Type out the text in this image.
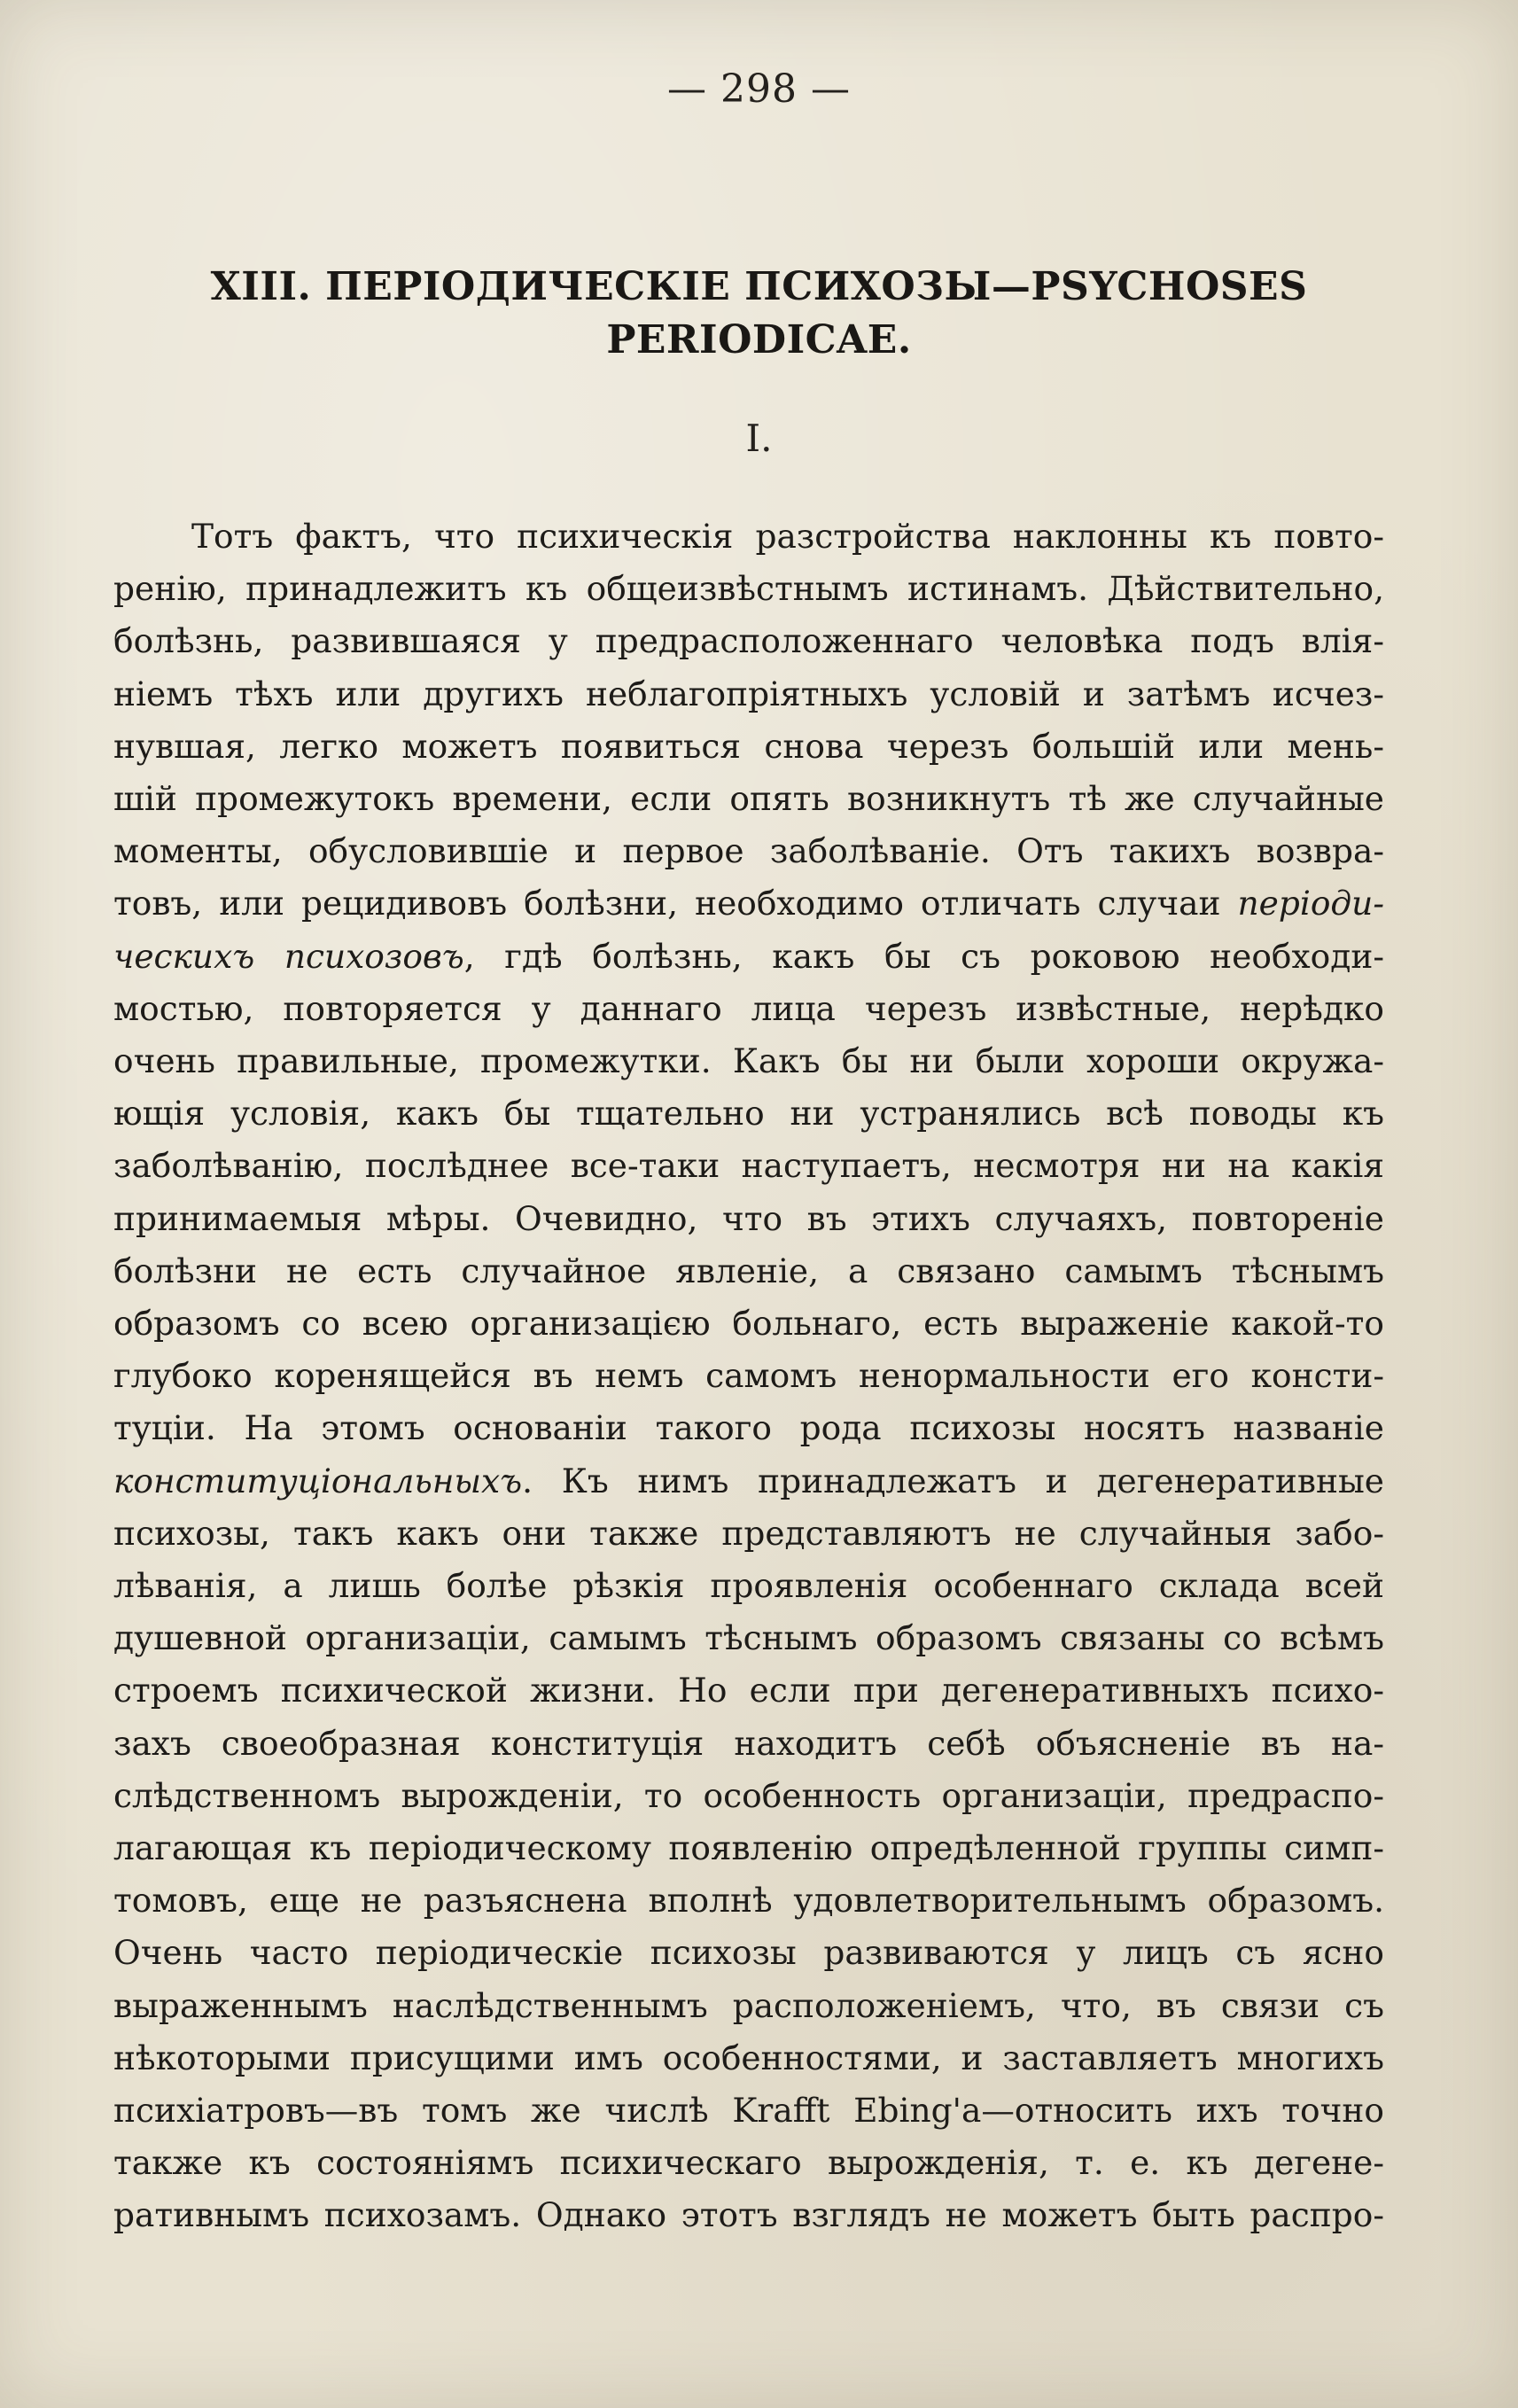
— 298 —
XIII. ПЕРІОДИЧЕСКІЕ ПСИХОЗЫ—PSYCHOSES
PERIODICAE.
I.
Тотъ фактъ, что психическія разстройства наклонны къ повто-
ренію, принадлежитъ къ общеизвѣстнымъ истинамъ. Дѣйствительно,
болѣзнь, развившаяся у предрасположеннаго человѣка подъ влія-
ніемъ тѣхъ или другихъ неблагопріятныхъ условій и затѣмъ исчез-
нувшая, легко можетъ появиться снова черезъ большій или мень-
шій промежутокъ времени, если опять возникнутъ тѣ же случайные
моменты, обусловившіе и первое заболѣваніе. Отъ такихъ возвра-
товъ, или рецидивовъ болѣзни, необходимо отличать случаи періоди-
ческихъ психозовъ, гдѣ болѣзнь, какъ бы съ роковою необходи-
мостью, повторяется у даннаго лица черезъ извѣстные, нерѣдко
очень правильные, промежутки. Какъ бы ни были хороши окружа-
ющія условія, какъ бы тщательно ни устранялись всѣ поводы къ
заболѣванію, послѣднее все-таки наступаетъ, несмотря ни на какія
принимаемыя мѣры. Очевидно, что въ этихъ случаяхъ, повтореніе
болѣзни не есть случайное явленіе, а связано самымъ тѣснымъ
образомъ со всею организацією больнаго, есть выраженіе какой-то
глубоко коренящейся въ немъ самомъ ненормальности его консти-
туціи. На этомъ основаніи такого рода психозы носятъ названіе
конституціональныхъ. Къ нимъ принадлежатъ и дегенеративные
психозы, такъ какъ они также представляютъ не случайныя забо-
лѣванія, а лишь болѣе рѣзкія проявленія особеннаго склада всей
душевной организаціи, самымъ тѣснымъ образомъ связаны со всѣмъ
строемъ психической жизни. Но если при дегенеративныхъ психо-
захъ своеобразная конституція находитъ себѣ объясненіе въ на-
слѣдственномъ вырожденіи, то особенность организаціи, предраспо-
лагающая къ періодическому появленію опредѣленной группы симп-
томовъ, еще не разъяснена вполнѣ удовлетворительнымъ образомъ.
Очень часто періодическіе психозы развиваются у лицъ съ ясно
выраженнымъ наслѣдственнымъ расположеніемъ, что, въ связи съ
нѣкоторыми присущими имъ особенностями, и заставляетъ многихъ
психіатровъ—въ томъ же числѣ Krafft Ebing'a—относить ихъ точно
также къ состояніямъ психическаго вырожденія, т. е. къ дегене-
ративнымъ психозамъ. Однако этотъ взглядъ не можетъ быть распро-
